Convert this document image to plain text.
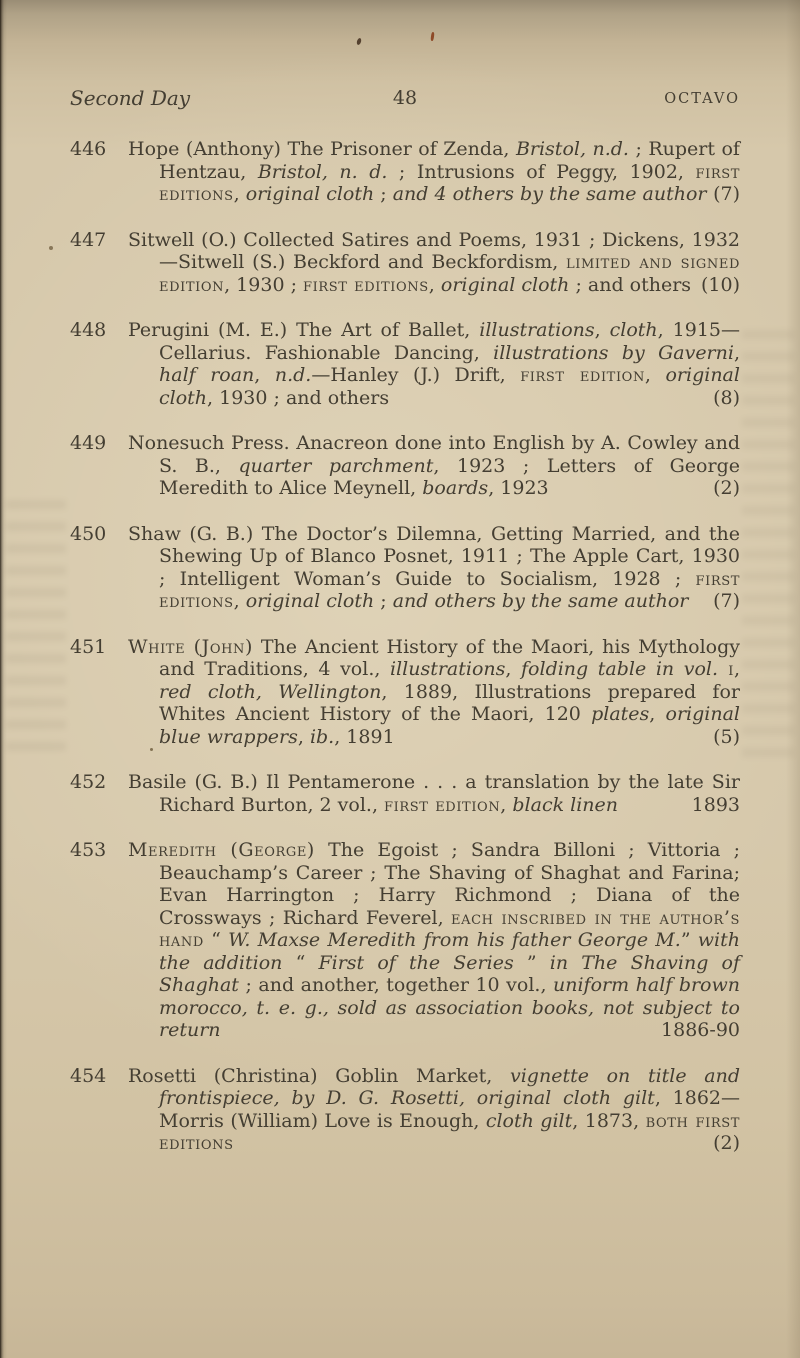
Second Day	48	OCTAVO
446 Hope (Anthony) The Prisoner of Zenda, Bristol, n.d. ; Rupert of Hentzau, Bristol, n. d. ; Intrusions of Peggy, 1902, first editions, original cloth ; and 4 others by the same author (7)

447 Sitwell (O.) Collected Satires and Poems, 1931 ; Dickens, 1932—Sitwell (S.) Beckford and Beckfordism, limited and signed edition, 1930 ; first editions, original cloth ; and others (10)

448 Perugini (M. E.) The Art of Ballet, illustrations, cloth, 1915—Cellarius. Fashionable Dancing, illustrations by Gaverni, half roan, n.d.—Hanley (J.) Drift, first edition, original cloth, 1930 ; and others	(8)

449 Nonesuch Press. Anacreon done into English by A. Cowley and S. B., quarter parchment, 1923 ; Letters of George Meredith to Alice Meynell, boards, 1923	(2)

450 Shaw (G. B.) The Doctor’s Dilemna, Getting Married, and the Shewing Up of Blanco Posnet, 1911 ; The Apple Cart, 1930 ; Intelligent Woman’s Guide to Socialism, 1928 ; first editions, original cloth ; and others by the same author (7)

451 White (John) The Ancient History of the Maori, his Mythology and Traditions, 4 vol., illustrations, folding table in vol. i, red cloth, Wellington, 1889, Illustrations prepared for Whites Ancient History of the Maori, 120 plates, original blue wrappers, ib., 1891	(5)

452 Basile (G. B.) Il Pentamerone . . . a translation by the late Sir Richard Burton, 2 vol., first edition, black linen	1893

453 Meredith (George) The Egoist ; Sandra Billoni ; Vittoria ; Beauchamp’s Career ; The Shaving of Shaghat and Farina; Evan Harrington ; Harry Richmond ; Diana of the Crossways ; Richard Feverel, each inscribed in the author’s hand “ W. Maxse Meredith from his father George M.” with the addition “ First of the Series ” in The Shaving of Shaghat ; and another, together 10 vol., uniform half brown morocco, t. e. g., sold as association books, not subject to return	1886-90

454 Rosetti (Christina) Goblin Market, vignette on title and frontispiece, by D. G. Rosetti, original cloth gilt, 1862—Morris (William) Love is Enough, cloth gilt, 1873, both first editions	(2)
